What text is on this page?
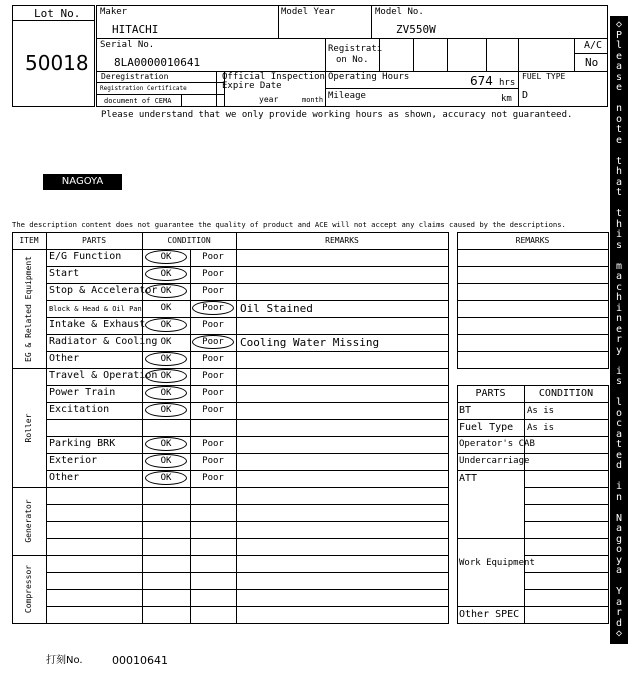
Lot No.
50018
Maker
HITACHI
Model Year	Model No.
ZV550W
Serial No.
8LA0000010641
Registrati
on No.
A/C
No
Deregistration
Registration Certificate
document of CEMA
Official Inspection
Expire Date
year	month
Operating Hours	674 hrs
Mileage	km
FUEL TYPE
D
Please understand that we only provide working hours as shown, accuracy not guaranteed.
NAGOYA
The description content does not guarantee the quality of product and ACE will not accept any claims caused by the descriptions.
ITEM	PARTS	CONDITION	REMARKS
EG & Related Equipment E/G Function	OK	Poor
Start	OK	Poor
Stop & Accelerator OK	Poor
Block & Head & Oil Pan	OK	Poor	Oil Stained
Intake & Exhaust	OK	Poor
Radiator & Cooling OK	Poor	Cooling Water Missing
Other	OK	Poor
Roller
Travel & Operation OK	Poor
Power Train	OK	Poor
Excitation	OK	Poor
Parking BRK	OK	Poor
Exterior	OK	Poor
Other	OK	Poor
Generator
Compressor
REMARKS
PARTS	CONDITION
BT	As is
Fuel Type As is
Operator's CAB
Undercarriage
ATT
Work Equipment
Other SPEC
◇
P
l
e
a
s
e

n
o
t
e

t
h
a
t

t
h
i
s

m
a
c
h
i
n
e
r
y

i
s

l
o
c
a
t
e
d

i
n

N
a
g
o
y
a

Y
a
r
d
◇
打刻No.	00010641
